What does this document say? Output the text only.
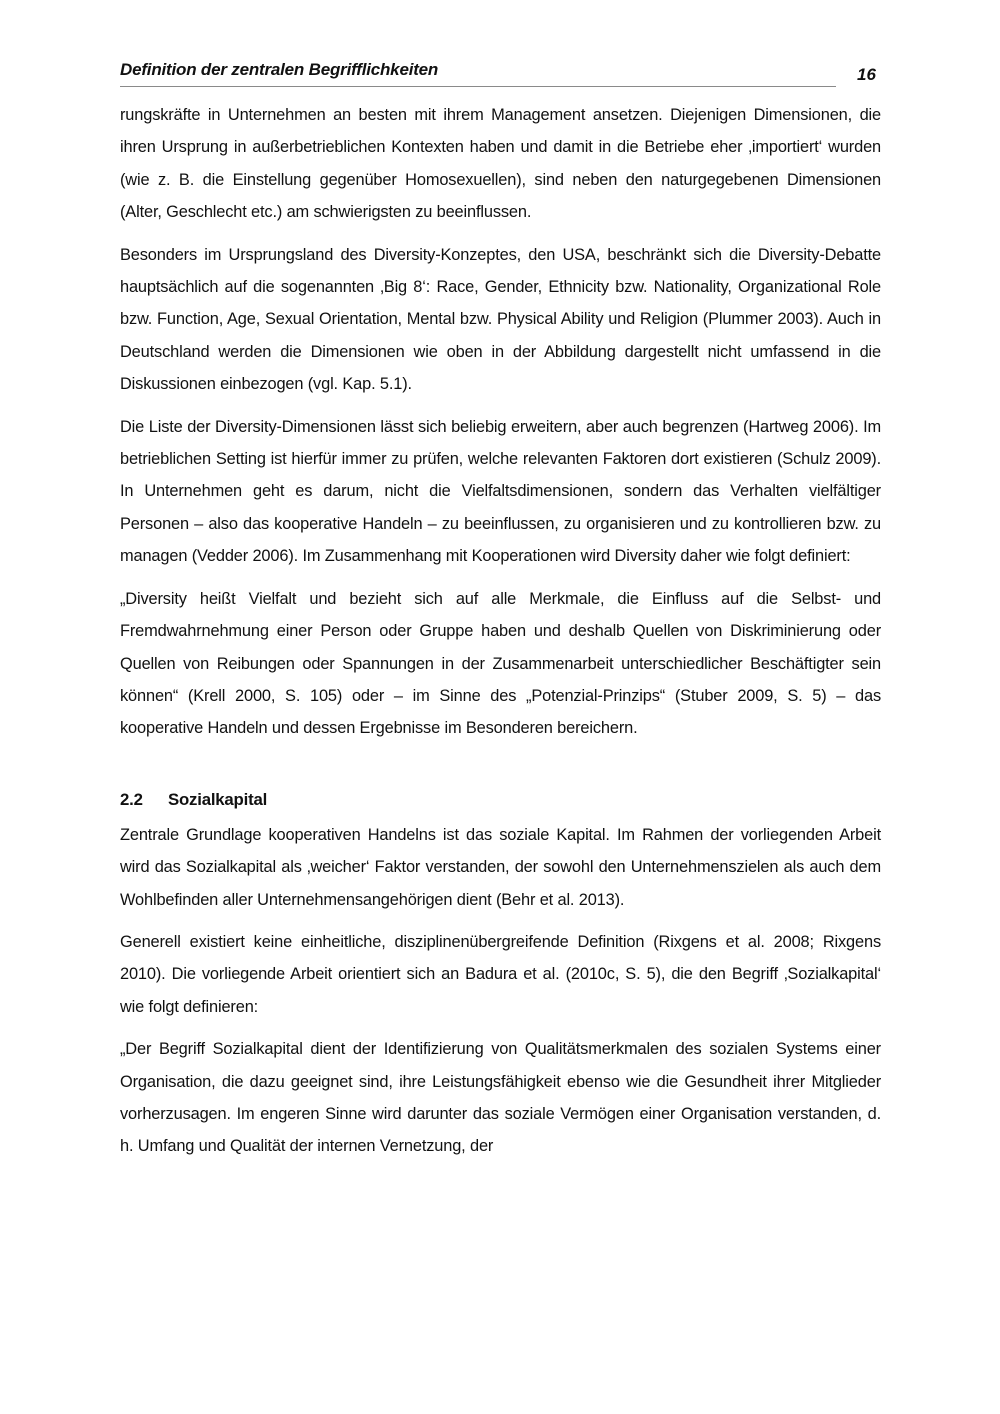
Definition der zentralen Begrifflichkeiten	16

rungskräfte in Unternehmen an besten mit ihrem Management ansetzen. Diejenigen Dimensionen, die ihren Ursprung in außerbetrieblichen Kontexten haben und damit in die Betriebe eher ‚importiert‘ wurden (wie z. B. die Einstellung gegenüber Homosexuellen), sind neben den naturgegebenen Dimensionen (Alter, Geschlecht etc.) am schwierigsten zu beeinflussen.

Besonders im Ursprungsland des Diversity-Konzeptes, den USA, beschränkt sich die Diversity-Debatte hauptsächlich auf die sogenannten ‚Big 8‘: Race, Gender, Ethnicity bzw. Nationality, Organizational Role bzw. Function, Age, Sexual Orientation, Mental bzw. Physical Ability und Religion (Plummer 2003). Auch in Deutschland werden die Dimensionen wie oben in der Abbildung dargestellt nicht umfassend in die Diskussionen einbezogen (vgl. Kap. 5.1).

Die Liste der Diversity-Dimensionen lässt sich beliebig erweitern, aber auch begrenzen (Hartweg 2006). Im betrieblichen Setting ist hierfür immer zu prüfen, welche relevanten Faktoren dort existieren (Schulz 2009). In Unternehmen geht es darum, nicht die Vielfaltsdimensionen, sondern das Verhalten vielfältiger Personen – also das kooperative Handeln – zu beeinflussen, zu organisieren und zu kontrollieren bzw. zu managen (Vedder 2006). Im Zusammenhang mit Kooperationen wird Diversity daher wie folgt definiert:

„Diversity heißt Vielfalt und bezieht sich auf alle Merkmale, die Einfluss auf die Selbst- und Fremdwahrnehmung einer Person oder Gruppe haben und deshalb Quellen von Diskriminierung oder Quellen von Reibungen oder Spannungen in der Zusammenarbeit unterschiedlicher Beschäftigter sein können“ (Krell 2000, S. 105) oder – im Sinne des „Potenzial-Prinzips“ (Stuber 2009, S. 5) – das kooperative Handeln und dessen Ergebnisse im Besonderen bereichern.

2.2 Sozialkapital

Zentrale Grundlage kooperativen Handelns ist das soziale Kapital. Im Rahmen der vorliegenden Arbeit wird das Sozialkapital als ‚weicher‘ Faktor verstanden, der sowohl den Unternehmenszielen als auch dem Wohlbefinden aller Unternehmensangehörigen dient (Behr et al. 2013).

Generell existiert keine einheitliche, disziplinenübergreifende Definition (Rixgens et al. 2008; Rixgens 2010). Die vorliegende Arbeit orientiert sich an Badura et al. (2010c, S. 5), die den Begriff ‚Sozialkapital‘ wie folgt definieren:

„Der Begriff Sozialkapital dient der Identifizierung von Qualitätsmerkmalen des sozialen Systems einer Organisation, die dazu geeignet sind, ihre Leistungsfähigkeit ebenso wie die Gesundheit ihrer Mitglieder vorherzusagen. Im engeren Sinne wird darunter das soziale Vermögen einer Organisation verstanden, d. h. Umfang und Qualität der internen Vernetzung, der
